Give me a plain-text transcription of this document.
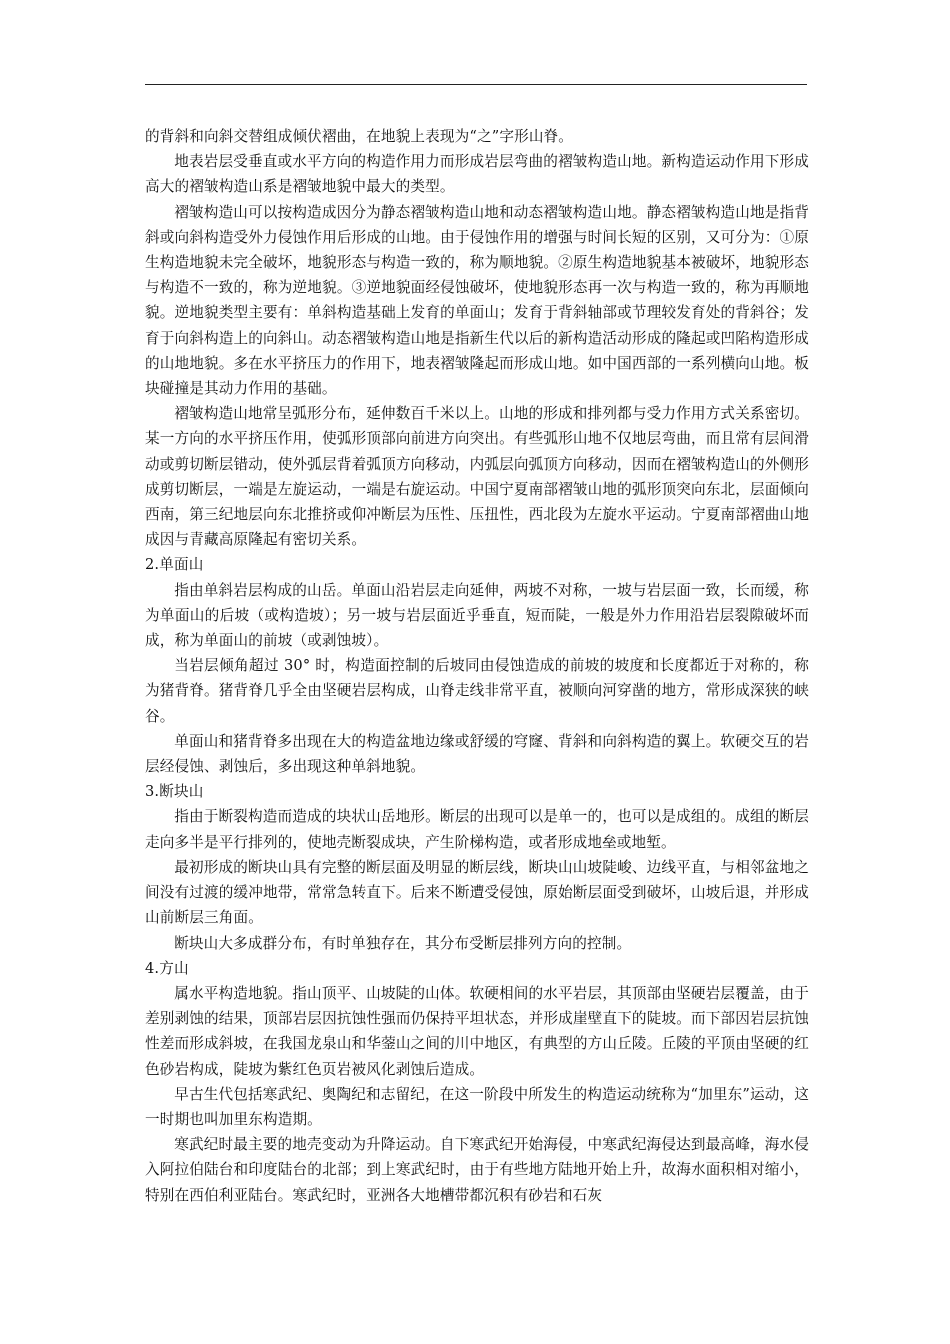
的背斜和向斜交替组成倾伏褶曲，在地貌上表现为“之”字形山脊。

地表岩层受垂直或水平方向的构造作用力而形成岩层弯曲的褶皱构造山地。新构造运动作用下形成高大的褶皱构造山系是褶皱地貌中最大的类型。

褶皱构造山可以按构造成因分为静态褶皱构造山地和动态褶皱构造山地。静态褶皱构造山地是指背斜或向斜构造受外力侵蚀作用后形成的山地。由于侵蚀作用的增强与时间长短的区别，又可分为：①原生构造地貌未完全破坏，地貌形态与构造一致的，称为顺地貌。②原生构造地貌基本被破坏，地貌形态与构造不一致的，称为逆地貌。③逆地貌面经侵蚀破坏，使地貌形态再一次与构造一致的，称为再顺地貌。逆地貌类型主要有：单斜构造基础上发育的单面山；发育于背斜轴部或节理较发育处的背斜谷；发育于向斜构造上的向斜山。动态褶皱构造山地是指新生代以后的新构造活动形成的隆起或凹陷构造形成的山地地貌。多在水平挤压力的作用下，地表褶皱隆起而形成山地。如中国西部的一系列横向山地。板块碰撞是其动力作用的基础。

褶皱构造山地常呈弧形分布，延伸数百千米以上。山地的形成和排列都与受力作用方式关系密切。某一方向的水平挤压作用，使弧形顶部向前进方向突出。有些弧形山地不仅地层弯曲，而且常有层间滑动或剪切断层错动，使外弧层背着弧顶方向移动，内弧层向弧顶方向移动，因而在褶皱构造山的外侧形成剪切断层，一端是左旋运动，一端是右旋运动。中国宁夏南部褶皱山地的弧形顶突向东北，层面倾向西南，第三纪地层向东北推挤或仰冲断层为压性、压扭性，西北段为左旋水平运动。宁夏南部褶曲山地成因与青藏高原隆起有密切关系。

2.单面山

指由单斜岩层构成的山岳。单面山沿岩层走向延伸，两坡不对称，一坡与岩层面一致，长而缓，称为单面山的后坡（或构造坡）；另一坡与岩层面近乎垂直，短而陡，一般是外力作用沿岩层裂隙破坏而成，称为单面山的前坡（或剥蚀坡）。

当岩层倾角超过 30° 时，构造面控制的后坡同由侵蚀造成的前坡的坡度和长度都近于对称的，称为猪背脊。猪背脊几乎全由坚硬岩层构成，山脊走线非常平直，被顺向河穿凿的地方，常形成深狭的峡谷。

单面山和猪背脊多出现在大的构造盆地边缘或舒缓的穹窿、背斜和向斜构造的翼上。软硬交互的岩层经侵蚀、剥蚀后，多出现这种单斜地貌。

3.断块山

指由于断裂构造而造成的块状山岳地形。断层的出现可以是单一的，也可以是成组的。成组的断层走向多半是平行排列的，使地壳断裂成块，产生阶梯构造，或者形成地垒或地堑。

最初形成的断块山具有完整的断层面及明显的断层线，断块山山坡陡峻、边线平直，与相邻盆地之间没有过渡的缓冲地带，常常急转直下。后来不断遭受侵蚀，原始断层面受到破坏，山坡后退，并形成山前断层三角面。

断块山大多成群分布，有时单独存在，其分布受断层排列方向的控制。

4.方山

属水平构造地貌。指山顶平、山坡陡的山体。软硬相间的水平岩层，其顶部由坚硬岩层覆盖，由于差别剥蚀的结果，顶部岩层因抗蚀性强而仍保持平坦状态，并形成崖壁直下的陡坡。而下部因岩层抗蚀性差而形成斜坡，在我国龙泉山和华蓥山之间的川中地区，有典型的方山丘陵。丘陵的平顶由坚硬的红色砂岩构成，陡坡为紫红色页岩被风化剥蚀后造成。

早古生代包括寒武纪、奥陶纪和志留纪，在这一阶段中所发生的构造运动统称为“加里东”运动，这一时期也叫加里东构造期。

寒武纪时最主要的地壳变动为升降运动。自下寒武纪开始海侵，中寒武纪海侵达到最高峰，海水侵入阿拉伯陆台和印度陆台的北部；到上寒武纪时，由于有些地方陆地开始上升，故海水面积相对缩小，特别在西伯利亚陆台。寒武纪时，亚洲各大地槽带都沉积有砂岩和石灰
